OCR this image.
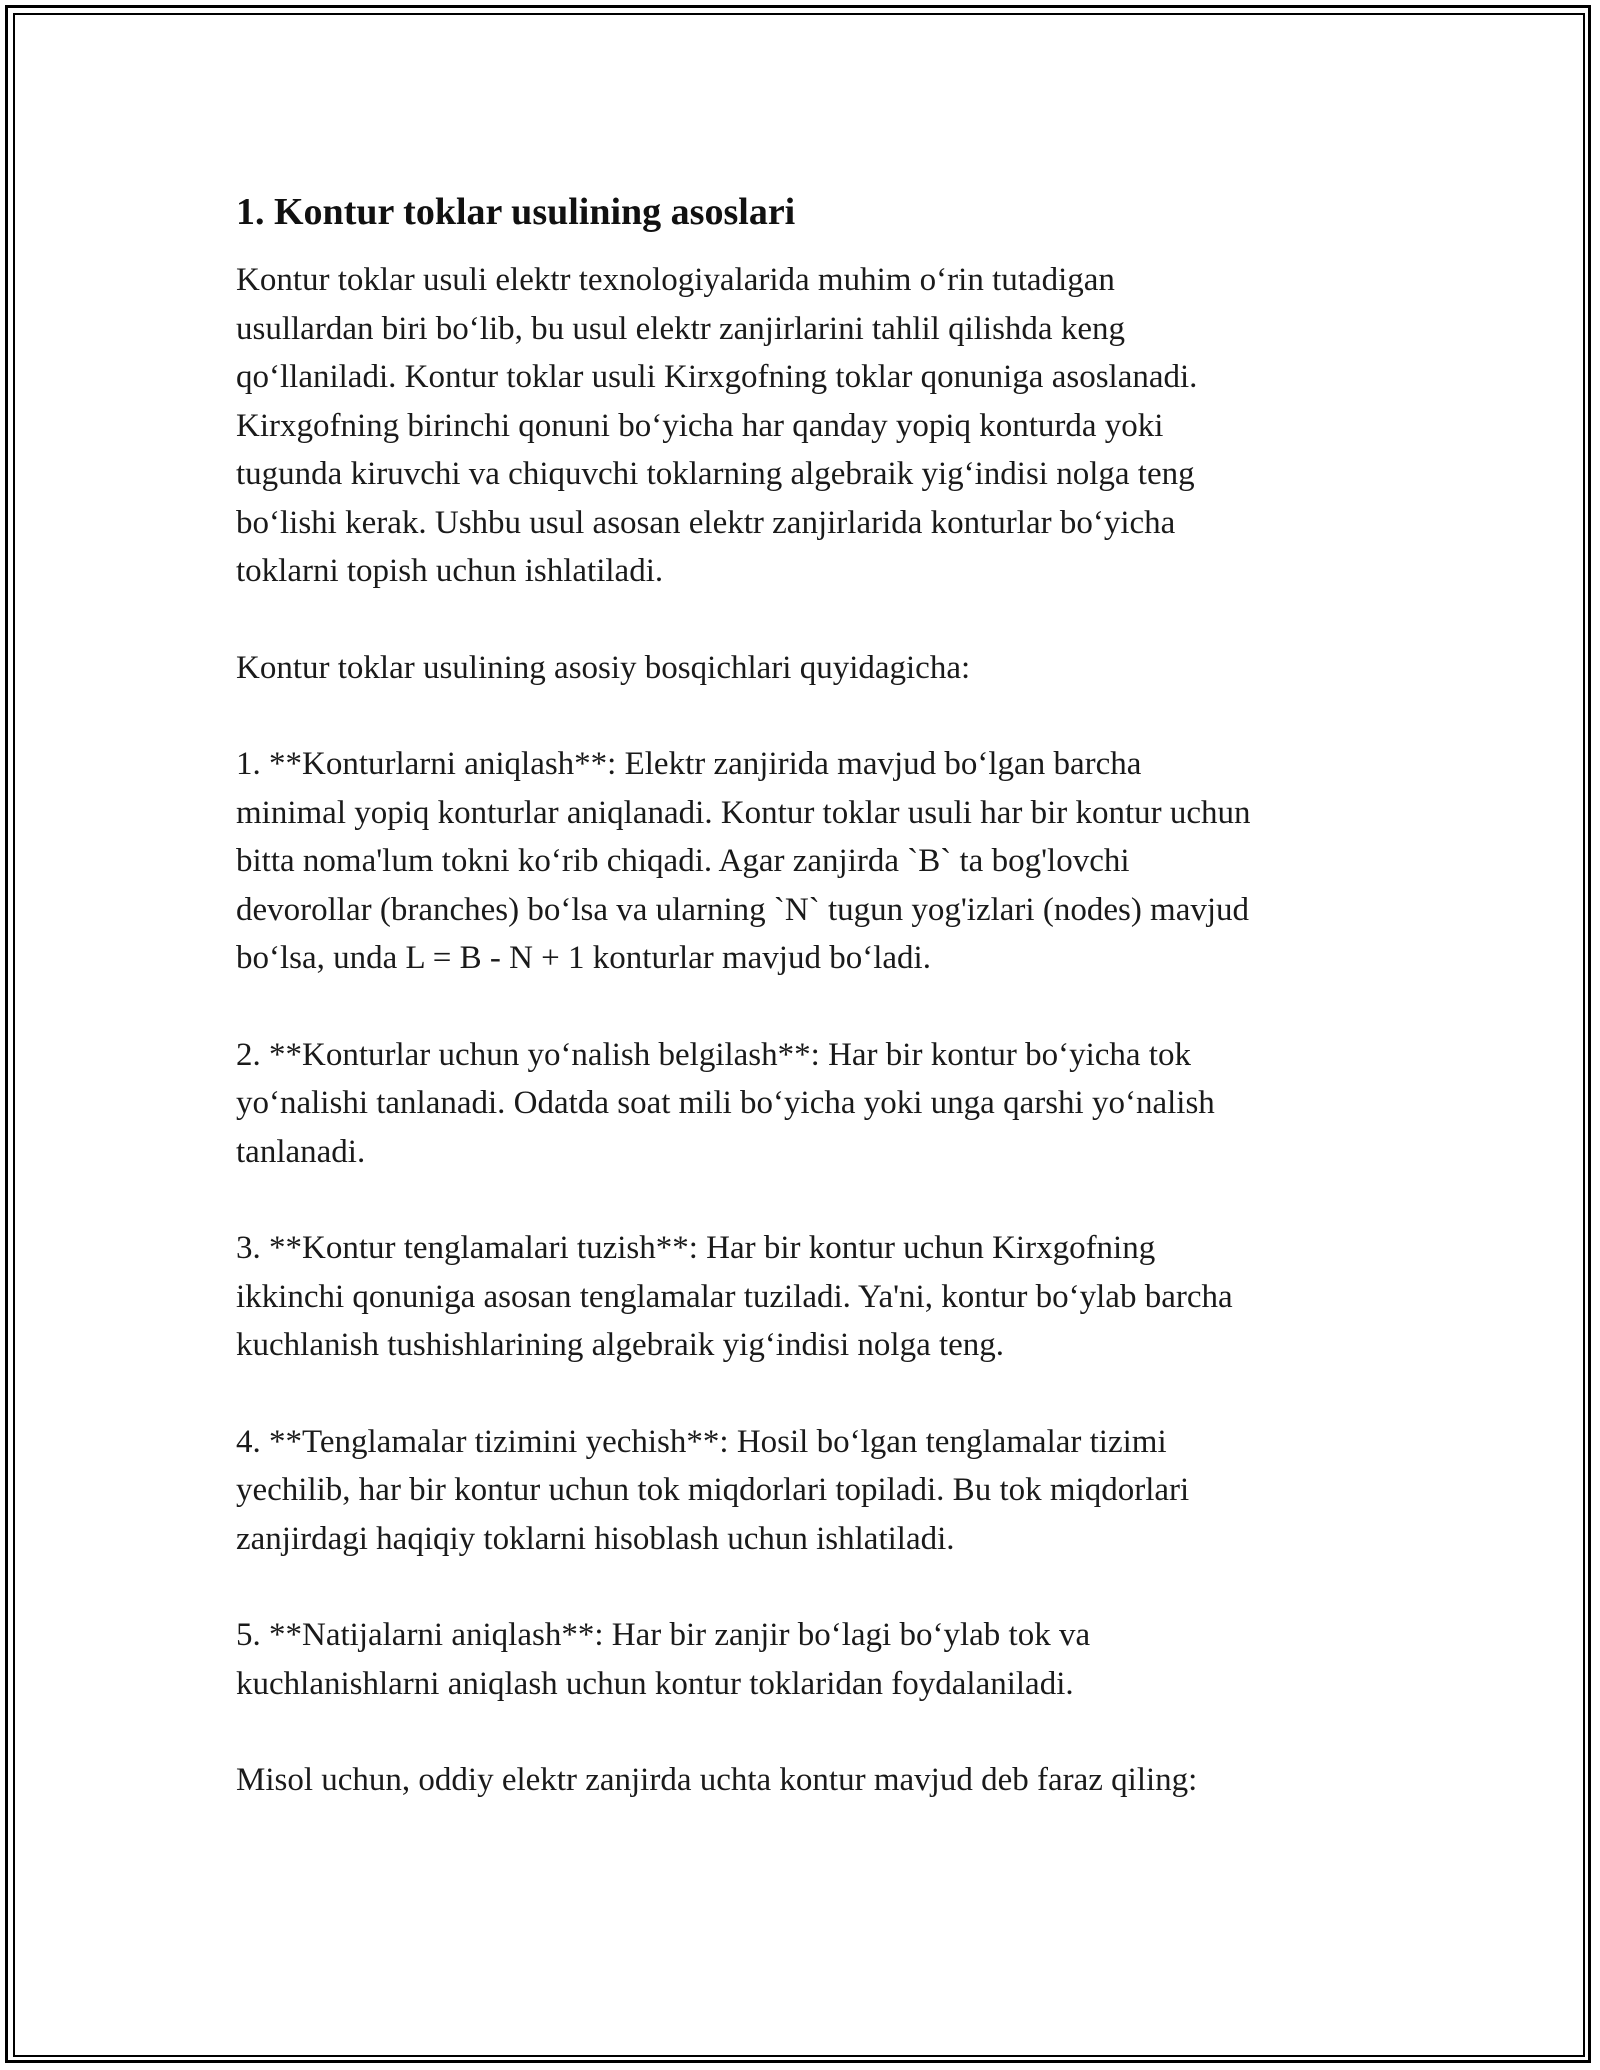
1. Kontur toklar usulining asoslari

Kontur toklar usuli elektr texnologiyalarida muhim o‘rin tutadigan
usullardan biri bo‘lib, bu usul elektr zanjirlarini tahlil qilishda keng
qo‘llaniladi. Kontur toklar usuli Kirxgofning toklar qonuniga asoslanadi.
Kirxgofning birinchi qonuni bo‘yicha har qanday yopiq konturda yoki
tugunda kiruvchi va chiquvchi toklarning algebraik yig‘indisi nolga teng
bo‘lishi kerak. Ushbu usul asosan elektr zanjirlarida konturlar bo‘yicha
toklarni topish uchun ishlatiladi.

Kontur toklar usulining asosiy bosqichlari quyidagicha:

1. **Konturlarni aniqlash**: Elektr zanjirida mavjud bo‘lgan barcha
minimal yopiq konturlar aniqlanadi. Kontur toklar usuli har bir kontur uchun
bitta noma'lum tokni ko‘rib chiqadi. Agar zanjirda `B` ta bog'lovchi
devorollar (branches) bo‘lsa va ularning `N` tugun yog'izlari (nodes) mavjud
bo‘lsa, unda L = B - N + 1 konturlar mavjud bo‘ladi.

2. **Konturlar uchun yo‘nalish belgilash**: Har bir kontur bo‘yicha tok
yo‘nalishi tanlanadi. Odatda soat mili bo‘yicha yoki unga qarshi yo‘nalish
tanlanadi.

3. **Kontur tenglamalari tuzish**: Har bir kontur uchun Kirxgofning
ikkinchi qonuniga asosan tenglamalar tuziladi. Ya'ni, kontur bo‘ylab barcha
kuchlanish tushishlarining algebraik yig‘indisi nolga teng.

4. **Tenglamalar tizimini yechish**: Hosil bo‘lgan tenglamalar tizimi
yechilib, har bir kontur uchun tok miqdorlari topiladi. Bu tok miqdorlari
zanjirdagi haqiqiy toklarni hisoblash uchun ishlatiladi.

5. **Natijalarni aniqlash**: Har bir zanjir bo‘lagi bo‘ylab tok va
kuchlanishlarni aniqlash uchun kontur toklaridan foydalaniladi.

Misol uchun, oddiy elektr zanjirda uchta kontur mavjud deb faraz qiling:
